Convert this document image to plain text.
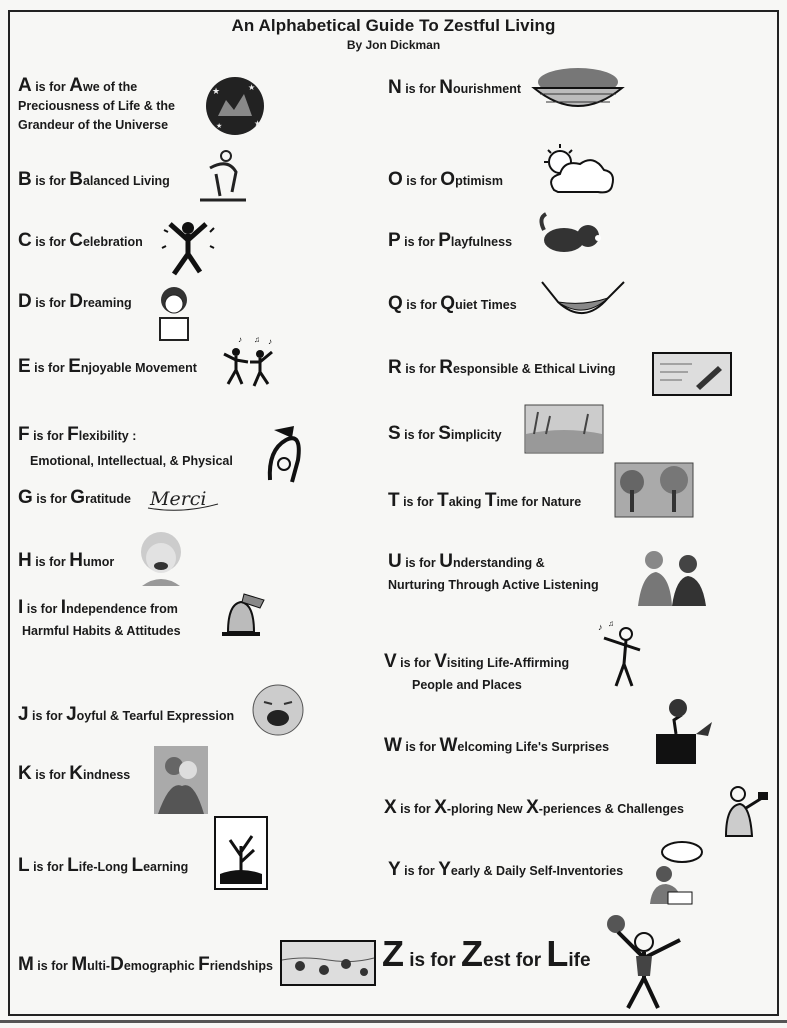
An Alphabetical Guide To Zestful Living
By Jon Dickman
A is for Awe of the
Preciousness of Life & the
Grandeur of the Universe
★	★
★
★
B is for Balanced Living
C is for Celebration
D is for Dreaming
E is for Enjoyable Movement
♪ ♫ ♪
F is for Flexibility :
Emotional, Intellectual, & Physical
G is for Gratitude Merci
H is for Humor
I is for Independence from
Harmful Habits & Attitudes
J is for Joyful & Tearful Expression
K is for Kindness
L is for Life-Long Learning
M is for Multi-Demographic Friendships
N is for Nourishment
O is for Optimism
P is for Playfulness
Q is for Quiet Times
R is for Responsible & Ethical Living
S is for Simplicity
T is for Taking Time for Nature
U is for Understanding &
Nurturing Through Active Listening
V is for Visiting Life-Affirming
People and Places
♪ ♫
W is for Welcoming Life's Surprises
X is for X-ploring New X-periences & Challenges
Y is for Yearly & Daily Self-Inventories
Z is for Zest for Life
